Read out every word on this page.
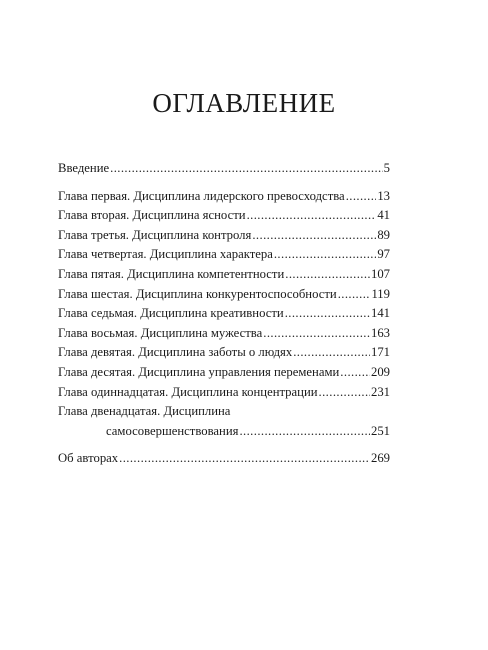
ОГЛАВЛЕНИЕ
Введение .....	5
Глава первая. Дисциплина лидерского превосходства .....	13
Глава вторая. Дисциплина ясности .....	41
Глава третья. Дисциплина контроля .....	89
Глава четвертая. Дисциплина характера .....	97
Глава пятая. Дисциплина компетентности .....	107
Глава шестая. Дисциплина конкурентоспособности .....	119
Глава седьмая. Дисциплина креативности .....	141
Глава восьмая. Дисциплина мужества .....	163
Глава девятая. Дисциплина заботы о людях .....	171
Глава десятая. Дисциплина управления переменами ..... 209
Глава одиннадцатая. Дисциплина концентрации .....	231
Глава двенадцатая. Дисциплина
самосовершенствования .....	251
Об авторах .....	269
